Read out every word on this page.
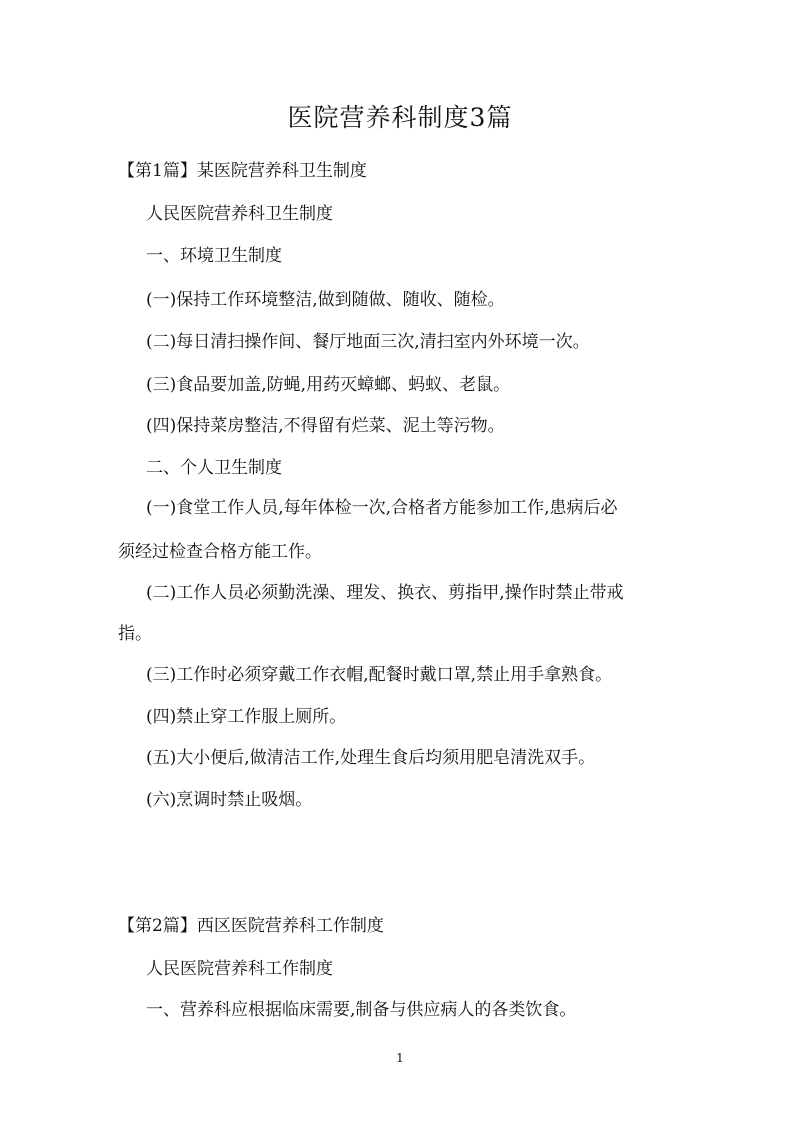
医院营养科制度3篇
【第1篇】某医院营养科卫生制度
人民医院营养科卫生制度
一、环境卫生制度
(一)保持工作环境整洁,做到随做、随收、随检。
(二)每日清扫操作间、餐厅地面三次,清扫室内外环境一次。
(三)食品要加盖,防蝇,用药灭蟑螂、蚂蚁、老鼠。
(四)保持菜房整洁,不得留有烂菜、泥土等污物。
二、个人卫生制度
(一)食堂工作人员,每年体检一次,合格者方能参加工作,患病后必
须经过检查合格方能工作。
(二)工作人员必须勤洗澡、理发、换衣、剪指甲,操作时禁止带戒
指。
(三)工作时必须穿戴工作衣帽,配餐时戴口罩,禁止用手拿熟食。
(四)禁止穿工作服上厕所。
(五)大小便后,做清洁工作,处理生食后均须用肥皂清洗双手。
(六)烹调时禁止吸烟。
【第2篇】西区医院营养科工作制度
人民医院营养科工作制度
一、营养科应根据临床需要,制备与供应病人的各类饮食。
1
